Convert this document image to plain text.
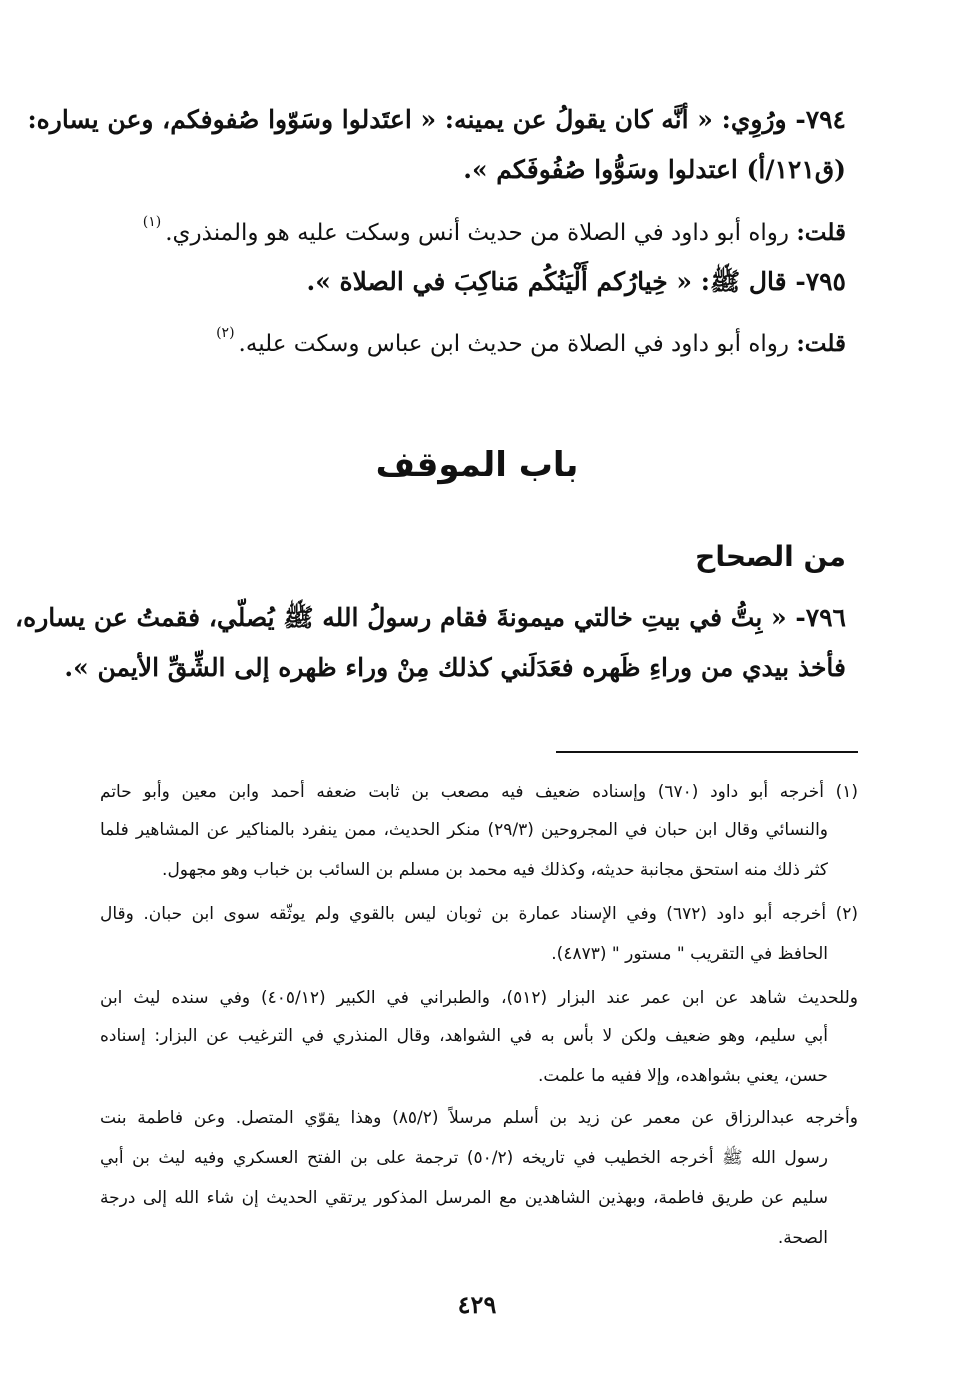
٧٩٤- ورُوِي: « أنَّه كان يقولُ عن يمينه: « اعتَدلوا وسَوّوا صُفوفكم، وعن يساره:
(ق١٢١/أ) اعتدلوا وسَوُّوا صُفُوفَكم ».
قلت: رواه أبو داود في الصلاة من حديث أنس وسكت عليه هو والمنذري.$^{(١)}$
٧٩٥- قال ﷺ: « خِيارُكم أَلْيَنُكُم مَناكِبَ في الصلاة ».
قلت: رواه أبو داود في الصلاة من حديث ابن عباس وسكت عليه.$^{(٢)}$
باب الموقف
من الصحاح
٧٩٦- « بِتُّ في بيتِ خالتي ميمونةَ فقام رسولُ الله ﷺ يُصلّي، فقمتُ عن يساره،
فأخذ بيدي من وراءِ ظَهره فعَدَلَني كذلك مِنْ وراء ظهره إلى الشِّقِّ الأيمن ».
(١) أخرجه أبو داود (٦٧٠) وإسناده ضعيف فيه مصعب بن ثابت ضعفه أحمد وابن معين وأبو حاتم
والنسائي وقال ابن حبان في المجروحين (٢٩/٣) منكر الحديث، ممن ينفرد بالمناكير عن المشاهير فلما
كثر ذلك منه استحق مجانبة حديثه، وكذلك فيه محمد بن مسلم بن السائب بن خباب وهو مجهول.
(٢) أخرجه أبو داود (٦٧٢) وفي الإسناد عمارة بن ثوبان ليس بالقوي ولم يوثّقه سوى ابن حبان. وقال
الحافظ في التقريب " مستور " (٤٨٧٣).
وللحديث شاهد عن ابن عمر عند البزار (٥١٢)، والطبراني في الكبير (٤٠٥/١٢) وفي سنده ليث ابن
أبي سليم، وهو ضعيف ولكن لا بأس به في الشواهد، وقال المنذري في الترغيب عن البزار: إسناده
حسن، يعني بشواهده، وإلا ففيه ما علمت.
وأخرجه عبدالرزاق عن معمر عن زيد بن أسلم مرسلاً (٨٥/٢) وهذا يقوّي المتصل. وعن فاطمة بنت
رسول الله ﷺ أخرجه الخطيب في تاريخه (٥٠/٢) ترجمة على بن الفتح العسكري وفيه ليث بن أبي
سليم عن طريق فاطمة، وبهذين الشاهدين مع المرسل المذكور يرتقي الحديث إن شاء الله إلى درجة
الصحة.
٤٢٩
